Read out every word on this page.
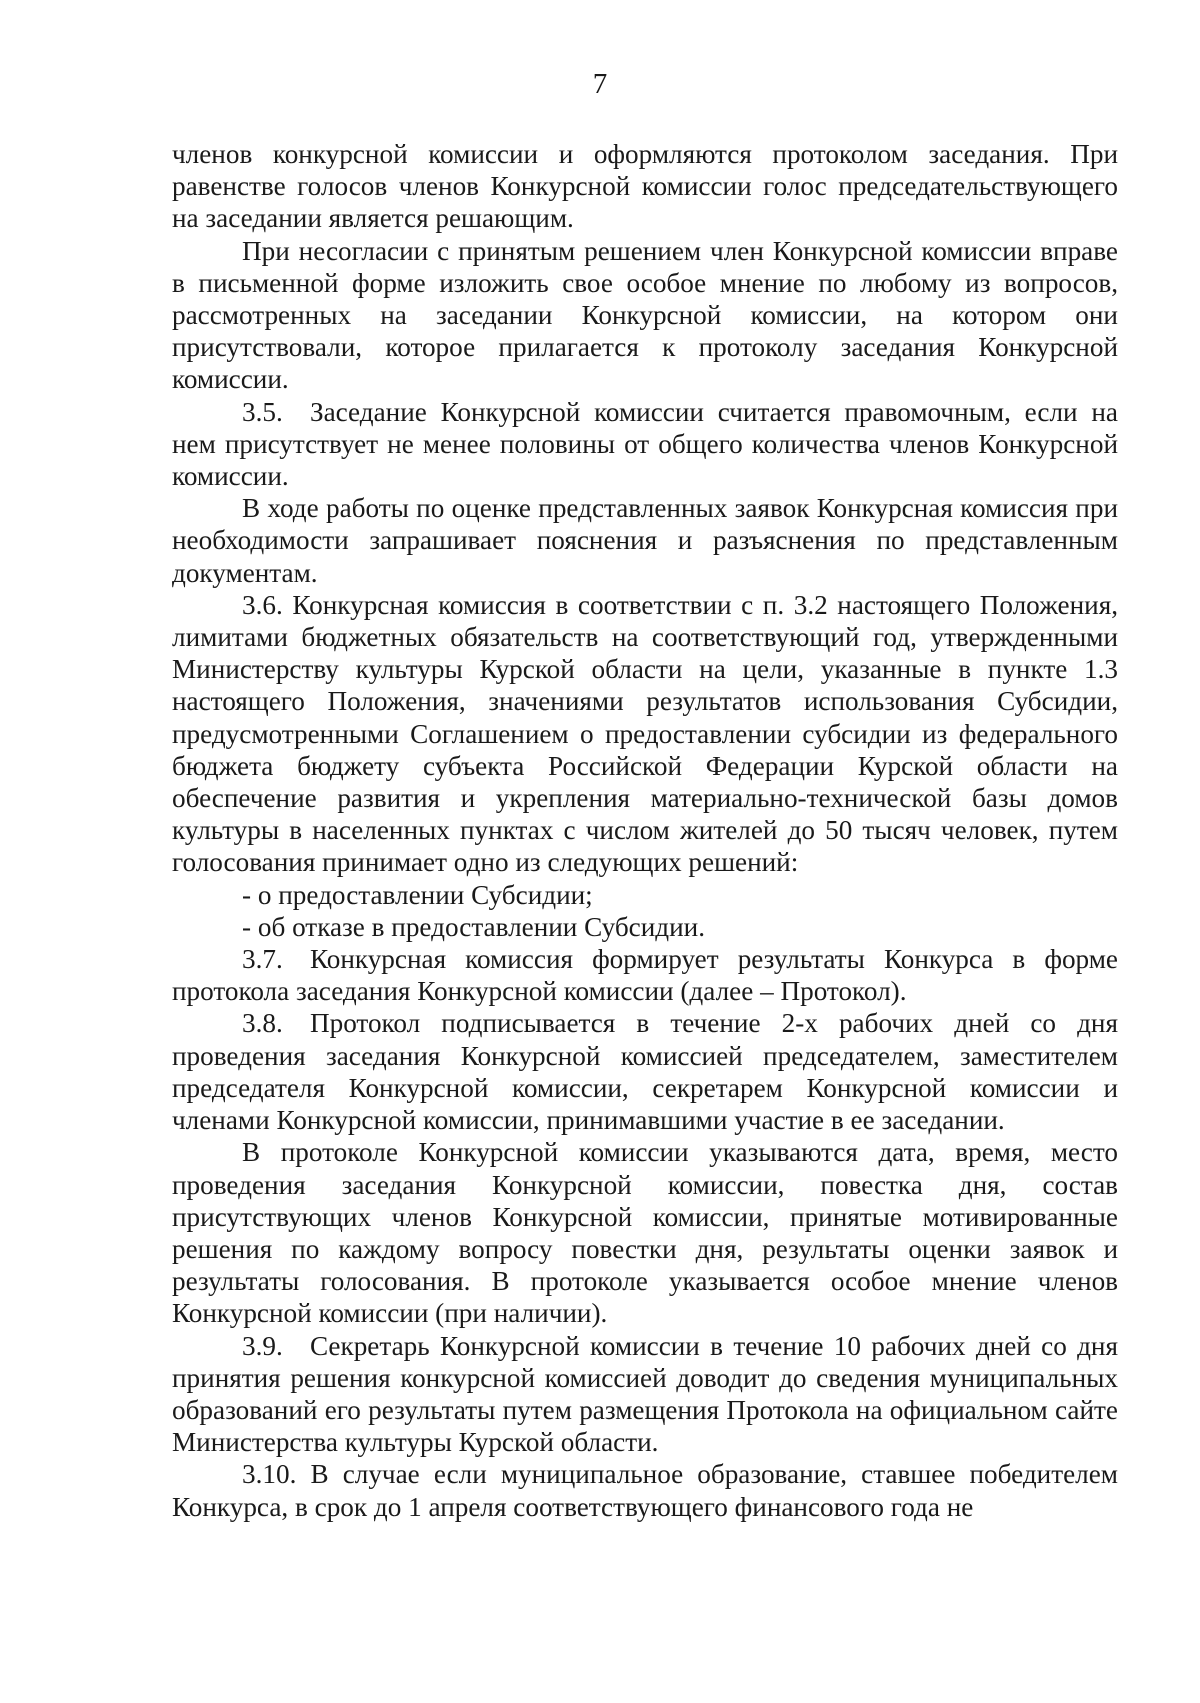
7

членов конкурсной комиссии и оформляются протоколом заседания. При равенстве голосов членов Конкурсной комиссии голос председательствующего на заседании является решающим.

При несогласии с принятым решением член Конкурсной комиссии вправе в письменной форме изложить свое особое мнение по любому из вопросов, рассмотренных на заседании Конкурсной комиссии, на котором они присутствовали, которое прилагается к протоколу заседания Конкурсной комиссии.

3.5. Заседание Конкурсной комиссии считается правомочным, если на нем присутствует не менее половины от общего количества членов Конкурсной комиссии.

В ходе работы по оценке представленных заявок Конкурсная комиссия при необходимости запрашивает пояснения и разъяснения по представленным документам.

3.6. Конкурсная комиссия в соответствии с п. 3.2 настоящего Положения, лимитами бюджетных обязательств на соответствующий год, утвержденными Министерству культуры Курской области на цели, указанные в пункте 1.3 настоящего Положения, значениями результатов использования Субсидии, предусмотренными Соглашением о предоставлении субсидии из федерального бюджета бюджету субъекта Российской Федерации Курской области на обеспечение развития и укрепления материально-технической базы домов культуры в населенных пунктах с числом жителей до 50 тысяч человек, путем голосования принимает одно из следующих решений:

- о предоставлении Субсидии;

- об отказе в предоставлении Субсидии.

3.7. Конкурсная комиссия формирует результаты Конкурса в форме протокола заседания Конкурсной комиссии (далее – Протокол).

3.8. Протокол подписывается в течение 2-х рабочих дней со дня проведения заседания Конкурсной комиссией председателем, заместителем председателя Конкурсной комиссии, секретарем Конкурсной комиссии и членами Конкурсной комиссии, принимавшими участие в ее заседании.

В протоколе Конкурсной комиссии указываются дата, время, место проведения заседания Конкурсной комиссии, повестка дня, состав присутствующих членов Конкурсной комиссии, принятые мотивированные решения по каждому вопросу повестки дня, результаты оценки заявок и результаты голосования. В протоколе указывается особое мнение членов Конкурсной комиссии (при наличии).

3.9. Секретарь Конкурсной комиссии в течение 10 рабочих дней со дня принятия решения конкурсной комиссией доводит до сведения муниципальных образований его результаты путем размещения Протокола на официальном сайте Министерства культуры Курской области.

3.10. В случае если муниципальное образование, ставшее победителем Конкурса, в срок до 1 апреля соответствующего финансового года не
